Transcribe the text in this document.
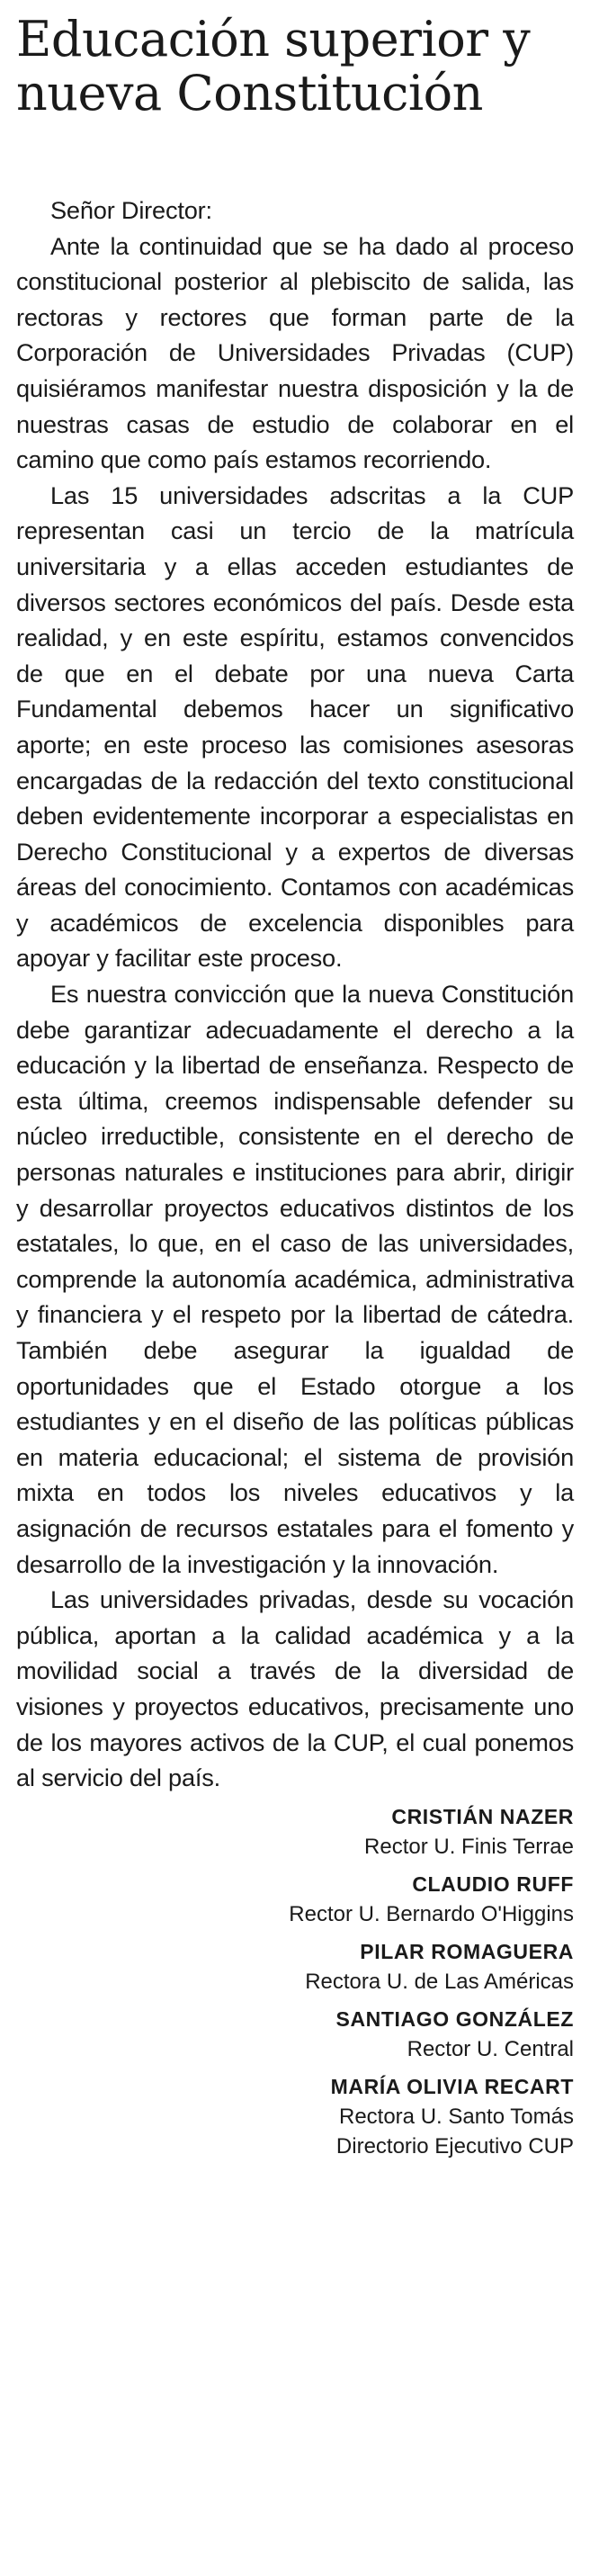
Educación superior y
nueva Constitución

Señor Director:

Ante la continuidad que se ha dado al proceso constitucional posterior al plebiscito de salida, las rectoras y rectores que forman parte de la Corporación de Universidades Privadas (CUP) quisiéramos manifestar nuestra disposición y la de nuestras casas de estudio de colaborar en el camino que como país estamos recorriendo.

Las 15 universidades adscritas a la CUP representan casi un tercio de la matrícula universitaria y a ellas acceden estudiantes de diversos sectores económicos del país. Desde esta realidad, y en este espíritu, estamos convencidos de que en el debate por una nueva Carta Fundamental debemos hacer un significativo aporte; en este proceso las comisiones asesoras encargadas de la redacción del texto constitucional deben evidentemente incorporar a especialistas en Derecho Constitucional y a expertos de diversas áreas del conocimiento. Contamos con académicas y académicos de excelencia disponibles para apoyar y facilitar este proceso.

Es nuestra convicción que la nueva Constitución debe garantizar adecuadamente el derecho a la educación y la libertad de enseñanza. Respecto de esta última, creemos indispensable defender su núcleo irreductible, consistente en el derecho de personas naturales e instituciones para abrir, dirigir y desarrollar proyectos educativos distintos de los estatales, lo que, en el caso de las universidades, comprende la autonomía académica, administrativa y financiera y el respeto por la libertad de cátedra. También debe asegurar la igualdad de oportunidades que el Estado otorgue a los estudiantes y en el diseño de las políticas públicas en materia educacional; el sistema de provisión mixta en todos los niveles educativos y la asignación de recursos estatales para el fomento y desarrollo de la investigación y la innovación.

Las universidades privadas, desde su vocación pública, aportan a la calidad académica y a la movilidad social a través de la diversidad de visiones y proyectos educativos, precisamente uno de los mayores activos de la CUP, el cual ponemos al servicio del país.

CRISTIÁN NAZER
Rector U. Finis Terrae
CLAUDIO RUFF
Rector U. Bernardo O'Higgins
PILAR ROMAGUERA
Rectora U. de Las Américas
SANTIAGO GONZÁLEZ
Rector U. Central
MARÍA OLIVIA RECART
Rectora U. Santo Tomás
Directorio Ejecutivo CUP
